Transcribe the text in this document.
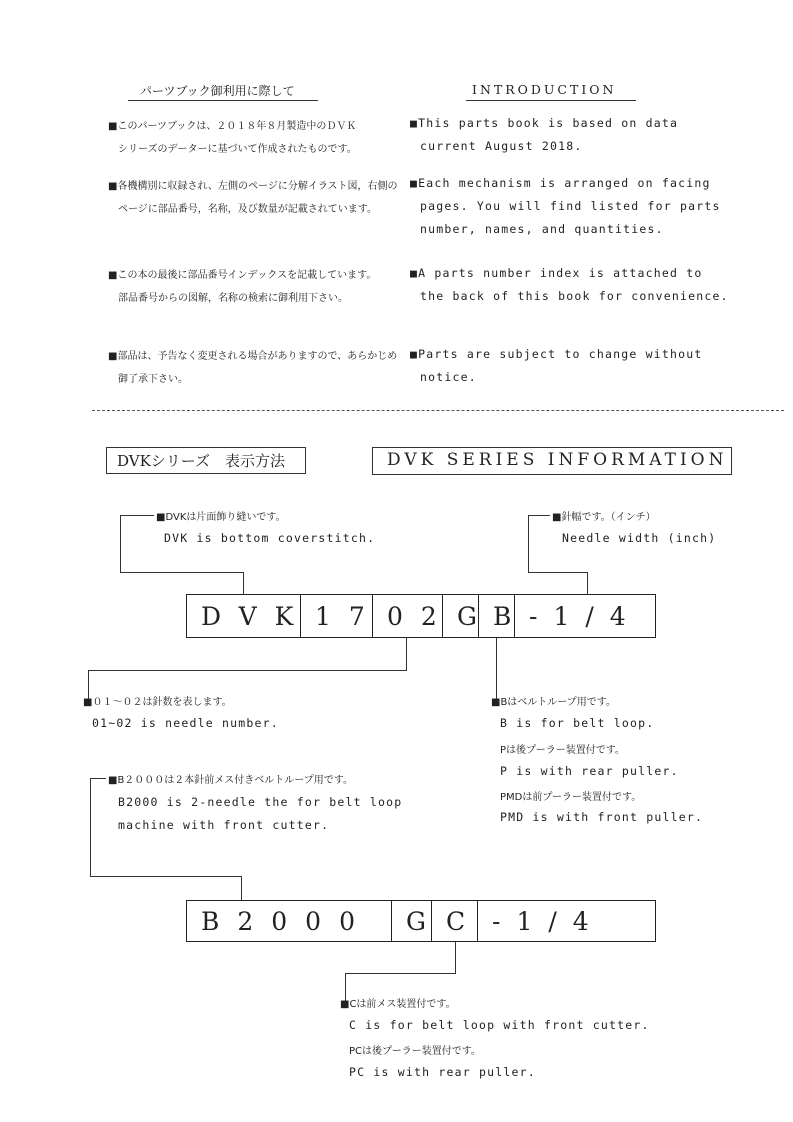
パーツブック御利用に際して	INTRODUCTION
■このパーツブックは、２０１８年８月製造中のＤＶＫ
シリーズのデーターに基づいて作成されたものです。
■This parts book is based on data
current August 2018.
■各機構別に収録され、左側のページに分解イラスト図，右側の
ページに部品番号，名称，及び数量が記載されています。
■Each mechanism is arranged on facing
pages. You will find listed for parts
number, names, and quantities.
■この本の最後に部品番号インデックスを記載しています。
部品番号からの図解，名称の検索に御利用下さい。
■A parts number index is attached to
the back of this book for convenience.
■部品は、予告なく変更される場合がありますので、あらかじめ
御了承下さい。
■Parts are subject to change without
notice.
DVKシリーズ　表示方法	DVK SERIES INFORMATION
■DVKは片面飾り縫いです。
DVK is bottom coverstitch.
■針幅です。（インチ）
Needle width (inch)
DVK 17 02 G
B -1/4
■０１～０２は針数を表します。
01~02 is needle number.
■Bはベルトループ用です。
B is for belt loop.
Pは後プーラー装置付です。
P is with rear puller.
PMDは前プーラー装置付です。
PMD is with front puller.
■B２０００は２本針前メス付きベルトループ用です。
B2000 is 2-needle the for belt loop
machine with front cutter.
B2000	G C -1/4
■Cは前メス装置付です。
C is for belt loop with front cutter.
PCは後プーラー装置付です。
PC is with rear puller.
